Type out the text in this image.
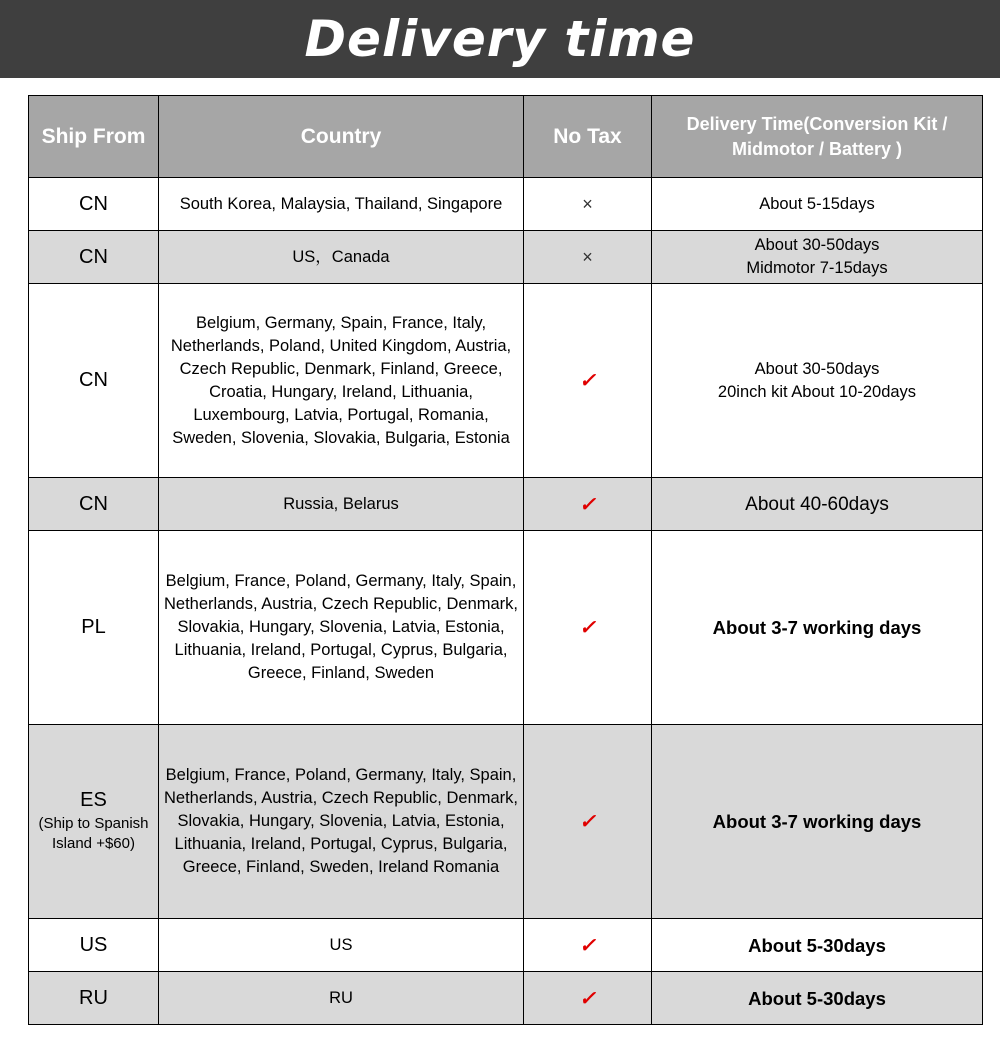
Delivery time
Ship From	Country	No Tax	Delivery Time(Conversion Kit / Midmotor / Battery )

CN	South Korea, Malaysia, Thailand, Singapore	×	About 5-15days
CN	US，Canada	×	About 30-50days
Midmotor 7-15days
CN	Belgium, Germany, Spain, France, Italy, Netherlands, Poland, United Kingdom, Austria, Czech Republic, Denmark, Finland, Greece, Croatia, Hungary, Ireland, Lithuania, Luxembourg, Latvia, Portugal, Romania, Sweden, Slovenia, Slovakia, Bulgaria, Estonia	✓	About 30-50days
20inch kit About 10-20days
CN	Russia, Belarus	✓	About 40-60days
PL	Belgium, France, Poland, Germany, Italy, Spain, Netherlands, Austria, Czech Republic, Denmark, Slovakia, Hungary, Slovenia, Latvia, Estonia, Lithuania, Ireland, Portugal, Cyprus, Bulgaria, Greece, Finland, Sweden	✓	About 3-7 working days
ES
(Ship to Spanish Island +$60)	Belgium, France, Poland, Germany, Italy, Spain, Netherlands, Austria, Czech Republic, Denmark, Slovakia, Hungary, Slovenia, Latvia, Estonia, Lithuania, Ireland, Portugal, Cyprus, Bulgaria, Greece, Finland, Sweden, Ireland Romania	✓	About 3-7 working days
US	US	✓	About 5-30days
RU	RU	✓	About 5-30days
